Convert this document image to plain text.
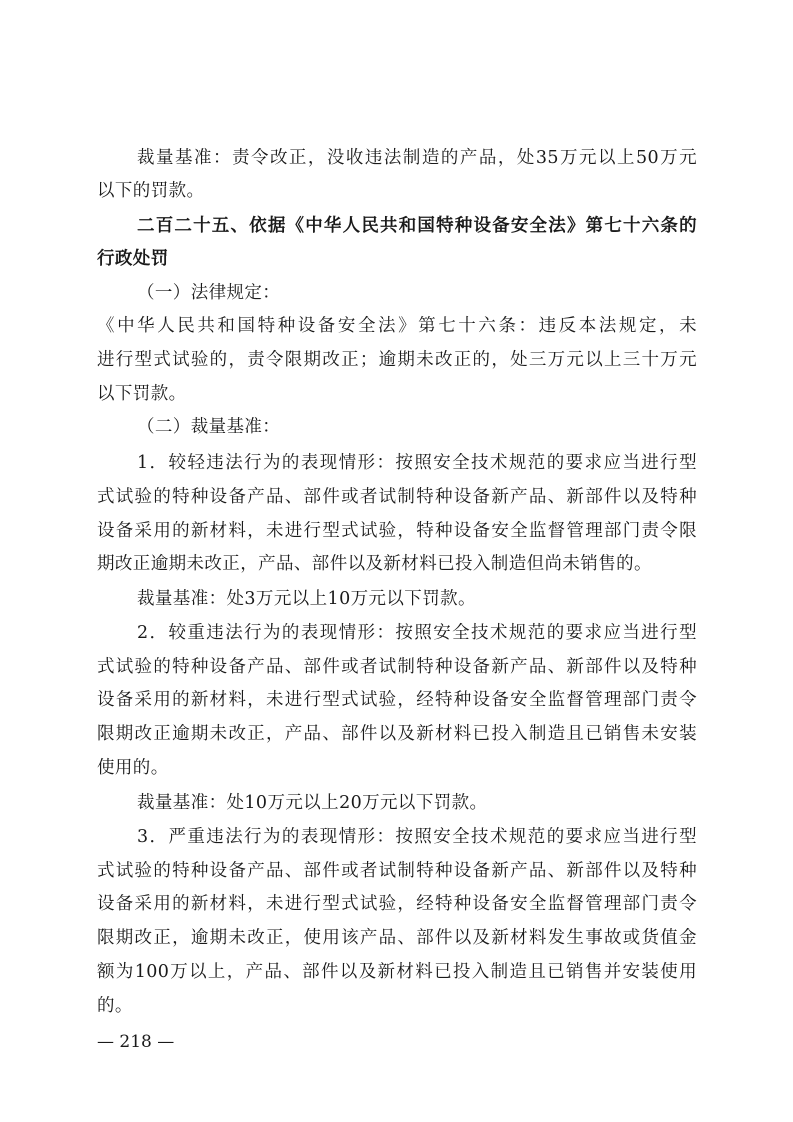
裁量基准：责令改正，没收违法制造的产品，处35万元以上50万元
以下的罚款。
二百二十五、依据《中华人民共和国特种设备安全法》第七十六条的
行政处罚
（一）法律规定：
《中华人民共和国特种设备安全法》第七十六条：违反本法规定，未
进行型式试验的，责令限期改正；逾期未改正的，处三万元以上三十万元
以下罚款。
（二）裁量基准：
1．较轻违法行为的表现情形：按照安全技术规范的要求应当进行型
式试验的特种设备产品、部件或者试制特种设备新产品、新部件以及特种
设备采用的新材料，未进行型式试验，特种设备安全监督管理部门责令限
期改正逾期未改正，产品、部件以及新材料已投入制造但尚未销售的。
裁量基准：处3万元以上10万元以下罚款。
2．较重违法行为的表现情形：按照安全技术规范的要求应当进行型
式试验的特种设备产品、部件或者试制特种设备新产品、新部件以及特种
设备采用的新材料，未进行型式试验，经特种设备安全监督管理部门责令
限期改正逾期未改正，产品、部件以及新材料已投入制造且已销售未安装
使用的。
裁量基准：处10万元以上20万元以下罚款。
3．严重违法行为的表现情形：按照安全技术规范的要求应当进行型
式试验的特种设备产品、部件或者试制特种设备新产品、新部件以及特种
设备采用的新材料，未进行型式试验，经特种设备安全监督管理部门责令
限期改正，逾期未改正，使用该产品、部件以及新材料发生事故或货值金
额为100万以上，产品、部件以及新材料已投入制造且已销售并安装使用
的。
— 218 —
